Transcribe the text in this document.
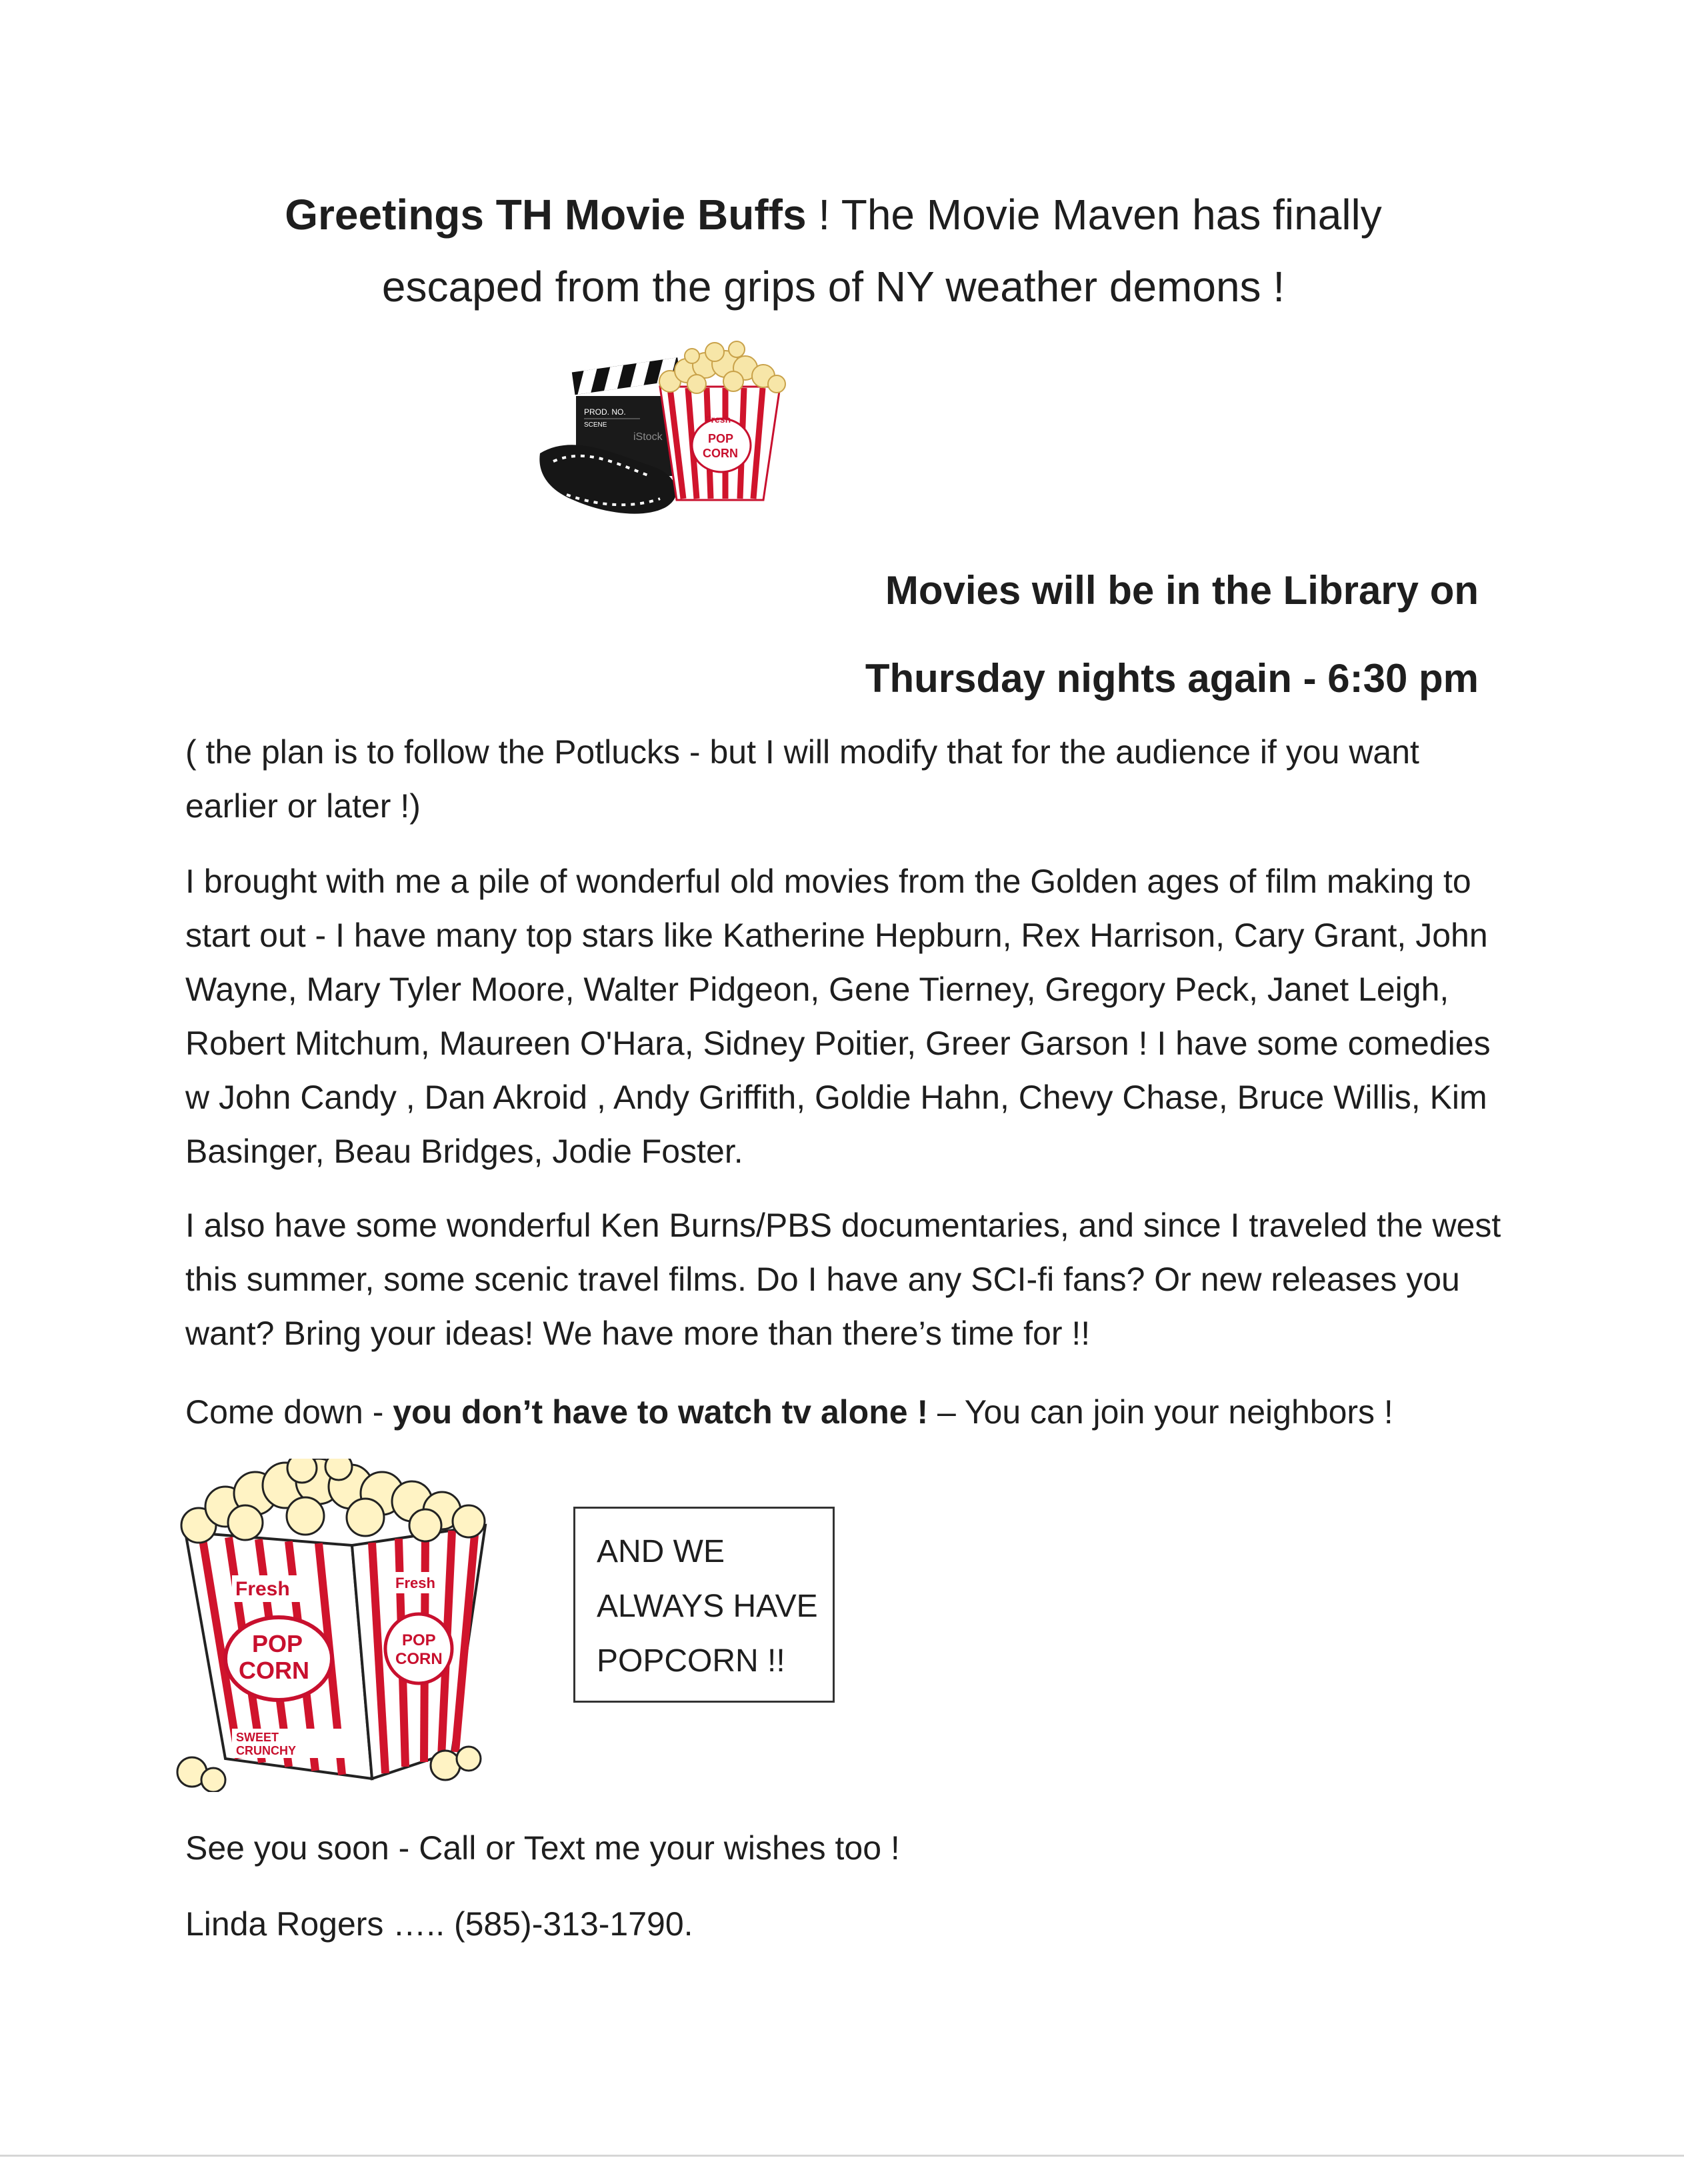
Greetings TH Movie Buffs ! The Movie Maven has finally
escaped from the grips of NY weather demons !
PROD. NO.
SCENE
iStock
Fresh
POP
CORN
Movies will be in the Library on
Thursday nights again - 6:30 pm
( the plan is to follow the Potlucks - but I will modify that for the audience if you want earlier or later !)
I brought with me a pile of wonderful old movies from the Golden ages of film making to start out - I have many top stars like Katherine Hepburn, Rex Harrison, Cary Grant, John Wayne, Mary Tyler Moore, Walter Pidgeon, Gene Tierney, Gregory Peck, Janet Leigh, Robert Mitchum, Maureen O'Hara, Sidney Poitier, Greer Garson ! I have some comedies w John Candy , Dan Akroid , Andy Griffith, Goldie Hahn, Chevy Chase, Bruce Willis, Kim Basinger, Beau Bridges, Jodie Foster.
I also have some wonderful Ken Burns/PBS documentaries, and since I traveled the west this summer, some scenic travel films. Do I have any SCI-fi fans? Or new releases you want? Bring your ideas! We have more than there’s time for !!
Come down - you don’t have to watch tv alone ! – You can join your neighbors !
POP
CORN
Fresh
POP
CORN
Fresh
SWEET
CRUNCHY
AND WE
ALWAYS HAVE
POPCORN !!
See you soon - Call or Text me your wishes too !
Linda Rogers ….. (585)-313-1790.
